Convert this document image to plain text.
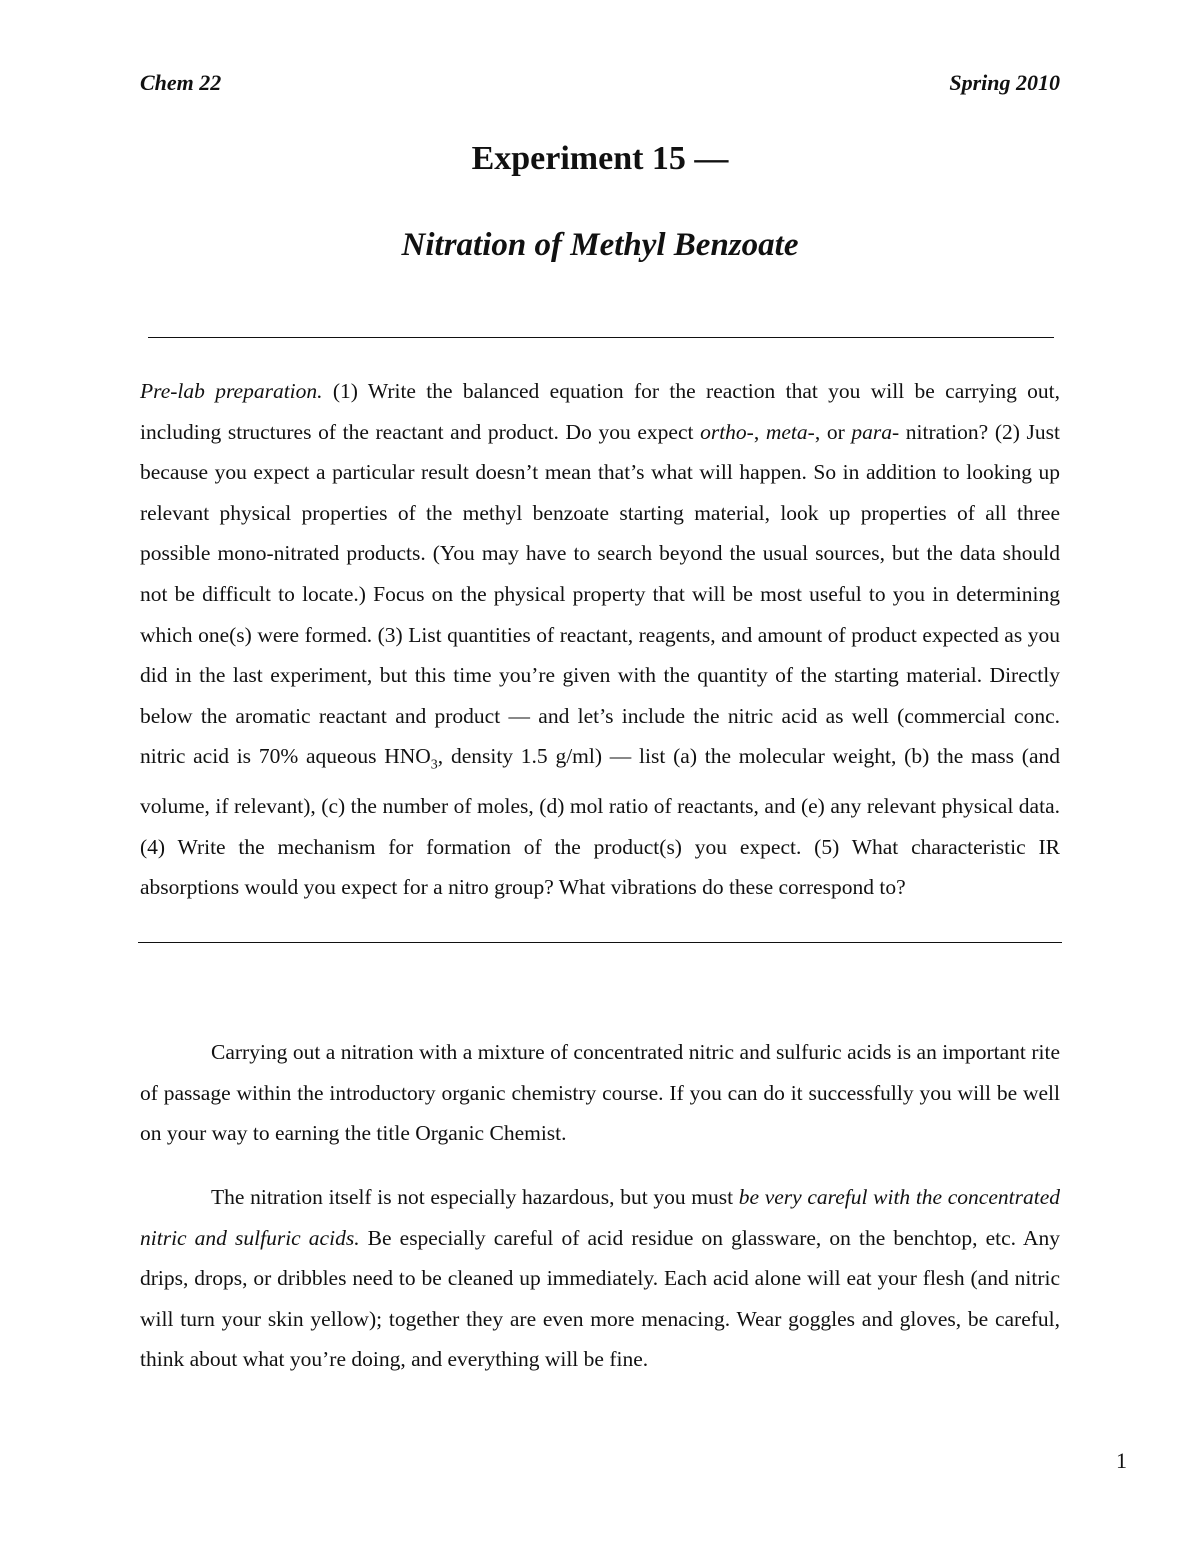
Chem 22	Spring 2010
Experiment 15 —
Nitration of Methyl Benzoate

Pre-lab preparation. (1) Write the balanced equation for the reaction that you will be carrying out, including structures of the reactant and product. Do you expect ortho-, meta-, or para- nitration? (2) Just because you expect a particular result doesn’t mean that’s what will happen. So in addition to looking up relevant physical properties of the methyl benzoate starting material, look up properties of all three possible mono-nitrated products. (You may have to search beyond the usual sources, but the data should not be difficult to locate.) Focus on the physical property that will be most useful to you in determining which one(s) were formed. (3) List quantities of reactant, reagents, and amount of product expected as you did in the last experiment, but this time you’re given with the quantity of the starting material. Directly below the aromatic reactant and product — and let’s include the nitric acid as well (commercial conc. nitric acid is 70% aqueous $HNO_3$, density 1.5 g/ml) — list (a) the molecular weight, (b) the mass (and volume, if relevant), (c) the number of moles, (d) mol ratio of reactants, and (e) any relevant physical data. (4) Write the mechanism for formation of the product(s) you expect. (5) What characteristic IR absorptions would you expect for a nitro group? What vibrations do these correspond to?

Carrying out a nitration with a mixture of concentrated nitric and sulfuric acids is an important rite of passage within the introductory organic chemistry course. If you can do it successfully you will be well on your way to earning the title Organic Chemist.

The nitration itself is not especially hazardous, but you must be very careful with the concentrated nitric and sulfuric acids. Be especially careful of acid residue on glassware, on the benchtop, etc. Any drips, drops, or dribbles need to be cleaned up immediately. Each acid alone will eat your flesh (and nitric will turn your skin yellow); together they are even more menacing. Wear goggles and gloves, be careful, think about what you’re doing, and everything will be fine.

1
